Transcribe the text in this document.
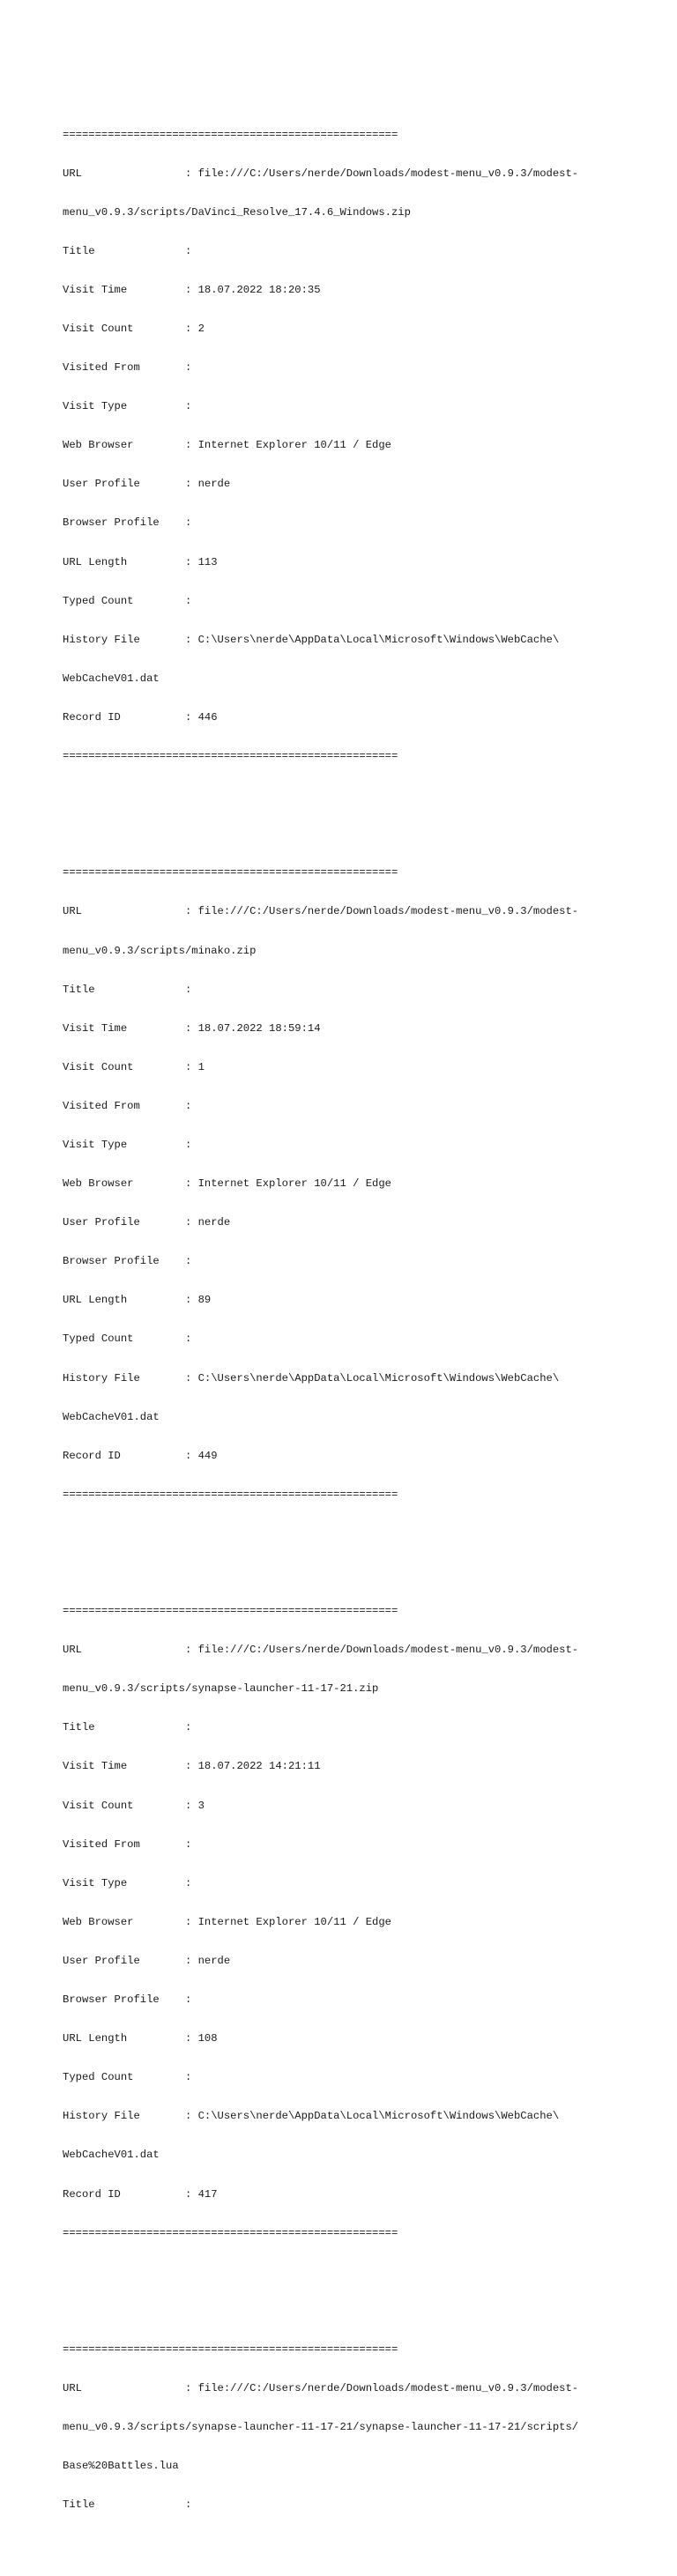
====================================================

URL                : file:///C:/Users/nerde/Downloads/modest-menu_v0.9.3/modest-

menu_v0.9.3/scripts/DaVinci_Resolve_17.4.6_Windows.zip

Title              :

Visit Time         : 18.07.2022 18:20:35

Visit Count        : 2

Visited From       :

Visit Type         :

Web Browser        : Internet Explorer 10/11 / Edge

User Profile       : nerde

Browser Profile    :

URL Length         : 113

Typed Count        :

History File       : C:\Users\nerde\AppData\Local\Microsoft\Windows\WebCache\

WebCacheV01.dat

Record ID          : 446

====================================================

====================================================

URL                : file:///C:/Users/nerde/Downloads/modest-menu_v0.9.3/modest-

menu_v0.9.3/scripts/minako.zip

Title              :

Visit Time         : 18.07.2022 18:59:14

Visit Count        : 1

Visited From       :

Visit Type         :

Web Browser        : Internet Explorer 10/11 / Edge

User Profile       : nerde

Browser Profile    :

URL Length         : 89

Typed Count        :

History File       : C:\Users\nerde\AppData\Local\Microsoft\Windows\WebCache\

WebCacheV01.dat

Record ID          : 449

====================================================

====================================================

URL                : file:///C:/Users/nerde/Downloads/modest-menu_v0.9.3/modest-

menu_v0.9.3/scripts/synapse-launcher-11-17-21.zip

Title              :

Visit Time         : 18.07.2022 14:21:11

Visit Count        : 3

Visited From       :

Visit Type         :

Web Browser        : Internet Explorer 10/11 / Edge

User Profile       : nerde

Browser Profile    :

URL Length         : 108

Typed Count        :

History File       : C:\Users\nerde\AppData\Local\Microsoft\Windows\WebCache\

WebCacheV01.dat

Record ID          : 417

====================================================

====================================================

URL                : file:///C:/Users/nerde/Downloads/modest-menu_v0.9.3/modest-

menu_v0.9.3/scripts/synapse-launcher-11-17-21/synapse-launcher-11-17-21/scripts/

Base%20Battles.lua

Title              :
